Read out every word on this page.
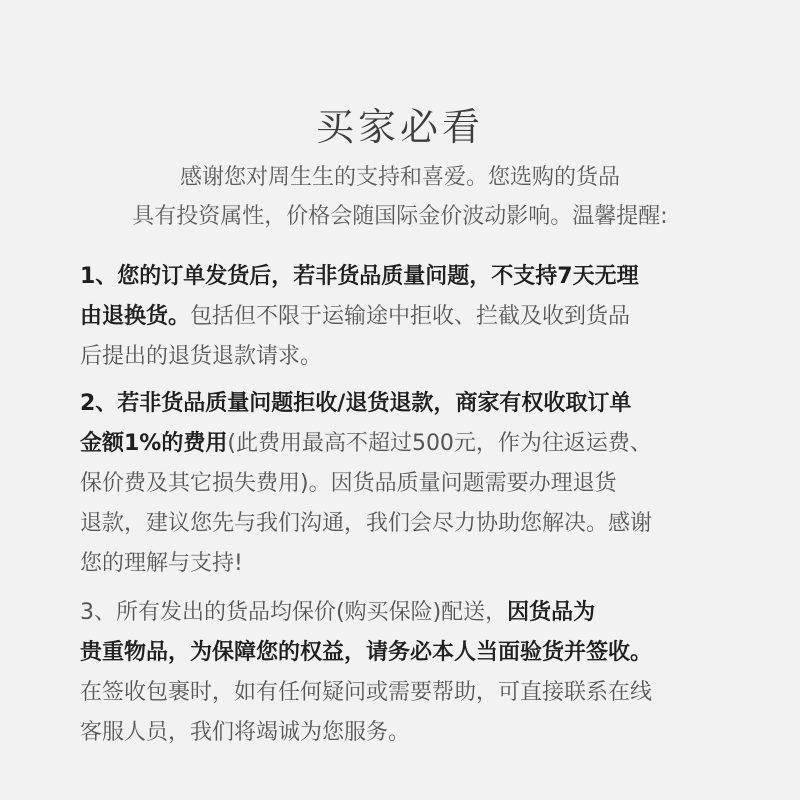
买家必看
感谢您对周生生的支持和喜爱。您选购的货品
具有投资属性，价格会随国际金价波动影响。温馨提醒:
1、您的订单发货后，若非货品质量问题，不支持7天无理
由退换货。包括但不限于运输途中拒收、拦截及收到货品
后提出的退货退款请求。
2、若非货品质量问题拒收/退货退款，商家有权收取订单
金额1%的费用(此费用最高不超过500元，作为往返运费、
保价费及其它损失费用)。因货品质量问题需要办理退货
退款，建议您先与我们沟通，我们会尽力协助您解决。感谢
您的理解与支持!
3、所有发出的货品均保价(购买保险)配送，因货品为
贵重物品，为保障您的权益，请务必本人当面验货并签收。
在签收包裹时，如有任何疑问或需要帮助，可直接联系在线
客服人员，我们将竭诚为您服务。
